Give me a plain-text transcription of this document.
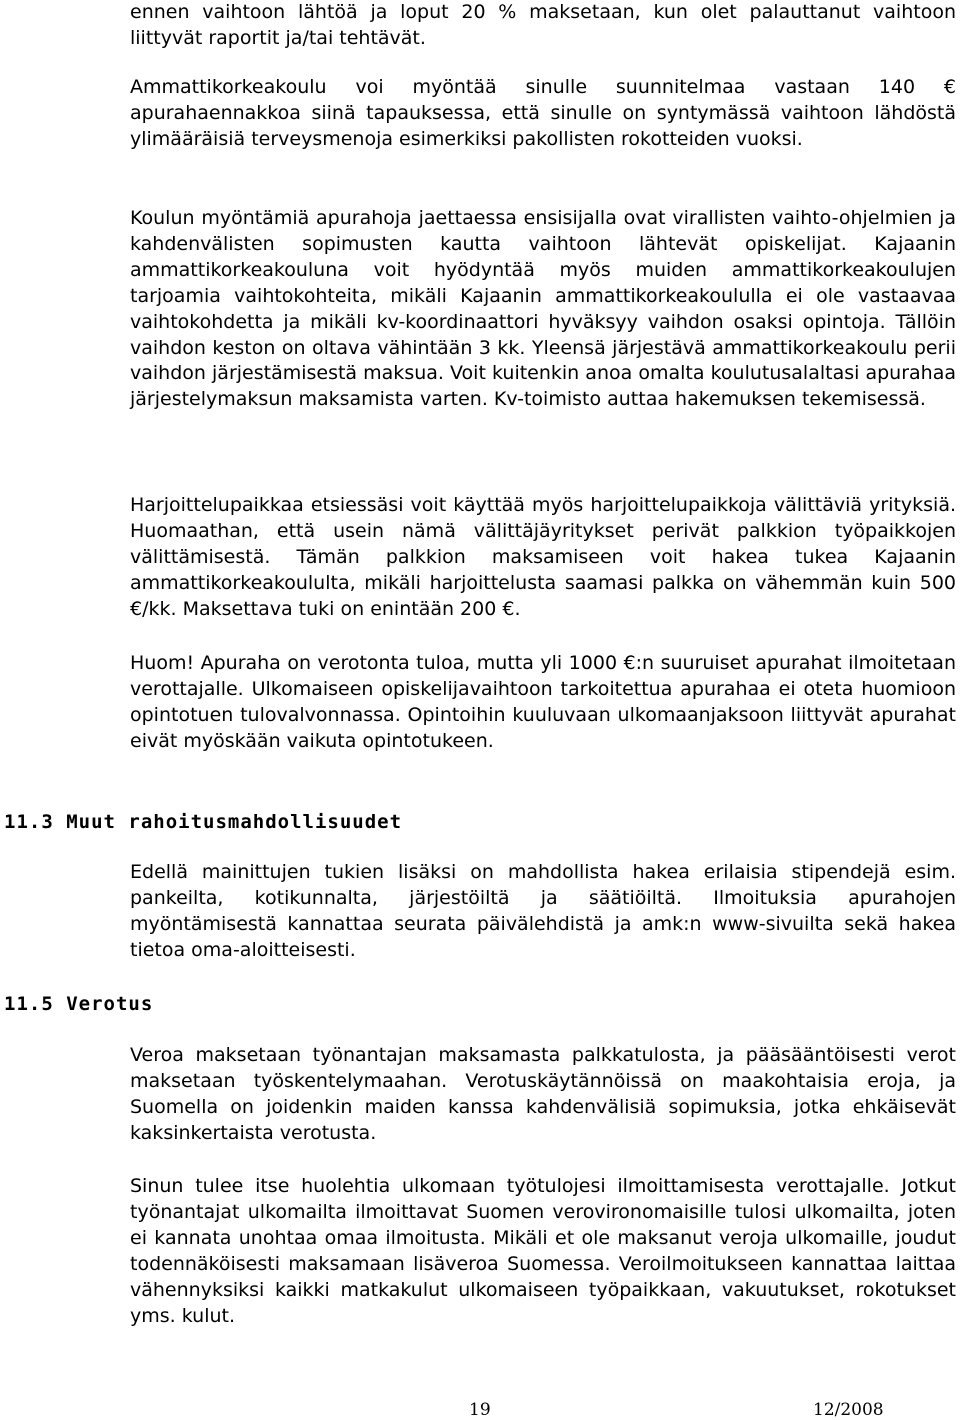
ennen vaihtoon lähtöä ja loput 20 % maksetaan, kun olet palauttanut vaihtoon liittyvät raportit ja/tai tehtävät.

Ammattikorkeakoulu voi myöntää sinulle suunnitelmaa vastaan 140 € apurahaennakkoa siinä tapauksessa, että sinulle on syntymässä vaihtoon lähdöstä ylimääräisiä terveysmenoja esimerkiksi pakollisten rokotteiden vuoksi.

Koulun myöntämiä apurahoja jaettaessa ensisijalla ovat virallisten vaihto-ohjelmien ja kahdenvälisten sopimusten kautta vaihtoon lähtevät opiskelijat. Kajaanin ammattikorkeakouluna voit hyödyntää myös muiden ammattikorkeakoulujen tarjoamia vaihtokohteita, mikäli Kajaanin ammattikorkeakoululla ei ole vastaavaa vaihtokohdetta ja mikäli kv-koordinaattori hyväksyy vaihdon osaksi opintoja. Tällöin vaihdon keston on oltava vähintään 3 kk. Yleensä järjestävä ammattikorkeakoulu perii vaihdon järjestämisestä maksua. Voit kuitenkin anoa omalta koulutusalaltasi apurahaa järjestelymaksun maksamista varten. Kv-toimisto auttaa hakemuksen tekemisessä.

Harjoittelupaikkaa etsiessäsi voit käyttää myös harjoittelupaikkoja välittäviä yrityksiä. Huomaathan, että usein nämä välittäjäyritykset perivät palkkion työpaikkojen välittämisestä. Tämän palkkion maksamiseen voit hakea tukea Kajaanin ammattikorkeakoululta, mikäli harjoittelusta saamasi palkka on vähemmän kuin 500 €/kk. Maksettava tuki on enintään 200 €.

Huom! Apuraha on verotonta tuloa, mutta yli 1000 €:n suuruiset apurahat ilmoitetaan verottajalle. Ulkomaiseen opiskelijavaihtoon tarkoitettua apurahaa ei oteta huomioon opintotuen tulovalvonnassa. Opintoihin kuuluvaan ulkomaanjaksoon liittyvät apurahat eivät myöskään vaikuta opintotukeen.

11.3 Muut rahoitusmahdollisuudet

Edellä mainittujen tukien lisäksi on mahdollista hakea erilaisia stipendejä esim. pankeilta, kotikunnalta, järjestöiltä ja säätiöiltä. Ilmoituksia apurahojen myöntämisestä kannattaa seurata päivälehdistä ja amk:n www-sivuilta sekä hakea tietoa oma-aloitteisesti.

11.5 Verotus

Veroa maksetaan työnantajan maksamasta palkkatulosta, ja pääsääntöisesti verot maksetaan työskentelymaahan. Verotuskäytännöissä on maakohtaisia eroja, ja Suomella on joidenkin maiden kanssa kahdenvälisiä sopimuksia, jotka ehkäisevät kaksinkertaista verotusta.

Sinun tulee itse huolehtia ulkomaan työtulojesi ilmoittamisesta verottajalle. Jotkut työnantajat ulkomailta ilmoittavat Suomen verovironomaisille tulosi ulkomailta, joten ei kannata unohtaa omaa ilmoitusta. Mikäli et ole maksanut veroja ulkomaille, joudut todennäköisesti maksamaan lisäveroa Suomessa. Veroilmoitukseen kannattaa laittaa vähennyksiksi kaikki matkakulut ulkomaiseen työpaikkaan, vakuutukset, rokotukset yms. kulut.

19	12/2008
